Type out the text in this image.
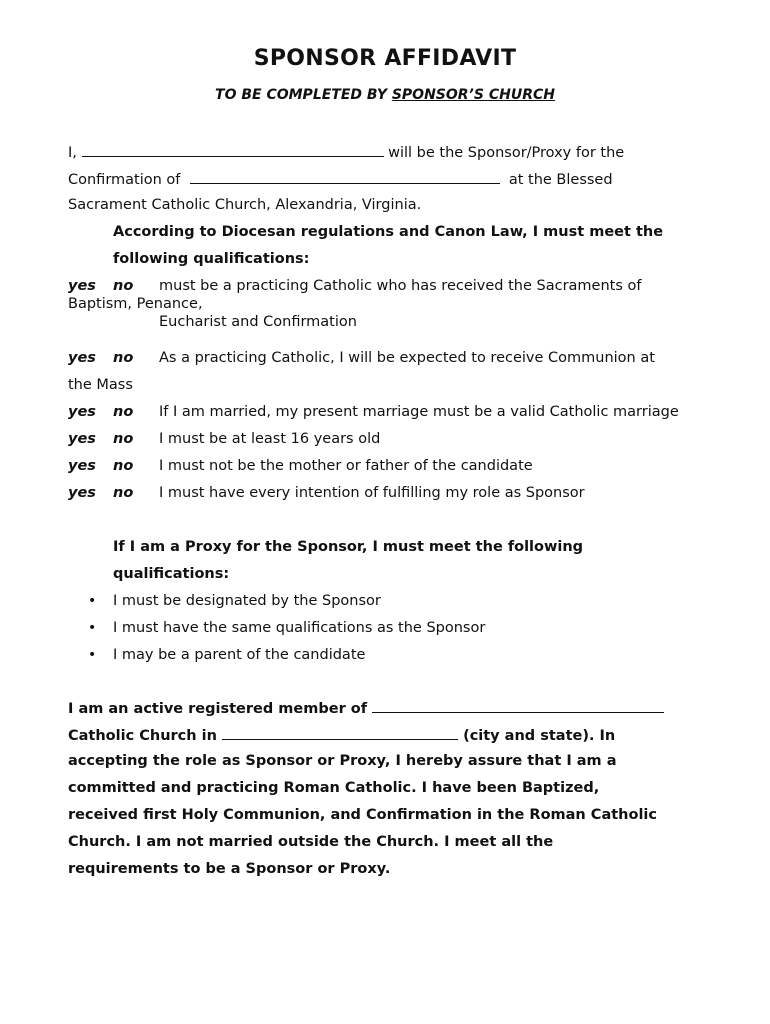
SPONSOR AFFIDAVIT
TO BE COMPLETED BY SPONSOR’S CHURCH
I,	will be the Sponsor/Proxy for the
Confirmation of	at the Blessed
Sacrament Catholic Church, Alexandria, Virginia.
According to Diocesan regulations and Canon Law, I must meet the
following qualifications:
yes no must be a practicing Catholic who has received the Sacraments of
Baptism, Penance,
Eucharist and Confirmation
yes no As a practicing Catholic, I will be expected to receive Communion at
the Mass
yes no If I am married, my present marriage must be a valid Catholic marriage
yes no I must be at least 16 years old
yes no I must not be the mother or father of the candidate
yes no I must have every intention of fulfilling my role as Sponsor
If I am a Proxy for the Sponsor, I must meet the following
qualifications:
• I must be designated by the Sponsor
• I must have the same qualifications as the Sponsor
• I may be a parent of the candidate
I am an active registered member of
Catholic Church in	(city and state). In
accepting the role as Sponsor or Proxy, I hereby assure that I am a
committed and practicing Roman Catholic. I have been Baptized,
received first Holy Communion, and Confirmation in the Roman Catholic
Church. I am not married outside the Church. I meet all the
requirements to be a Sponsor or Proxy.
